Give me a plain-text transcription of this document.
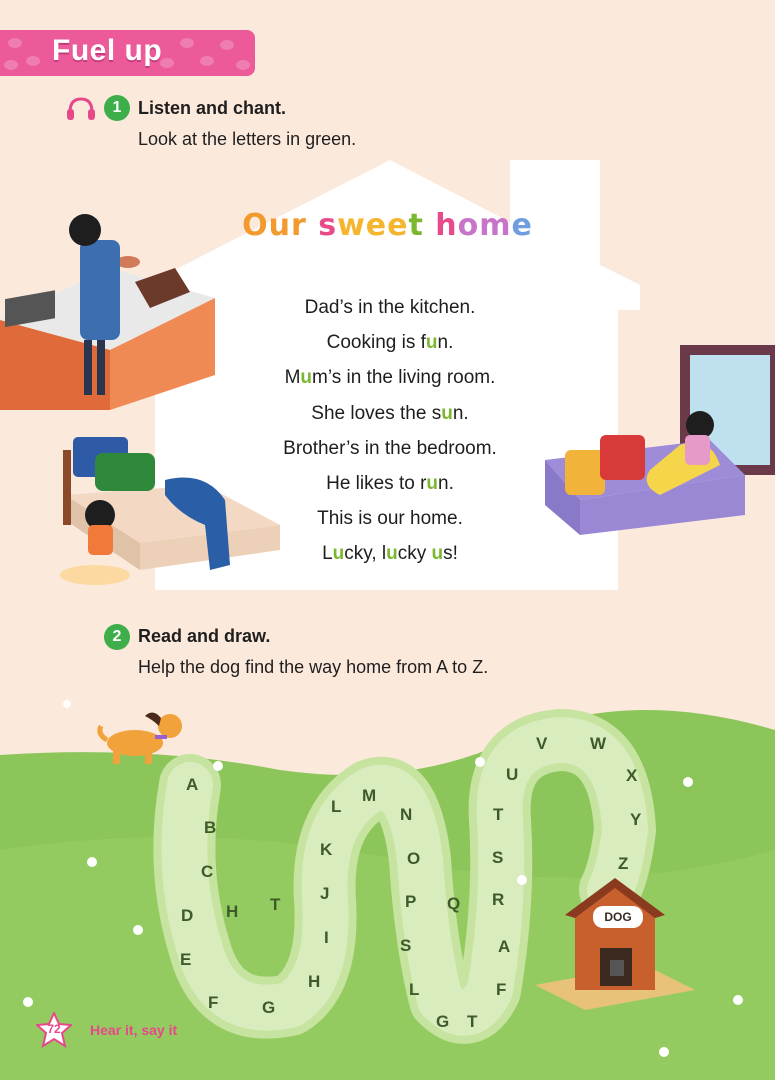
Fuel up
1 Listen and chant.
Look at the letters in green.
Our sweet home
Dad’s in the kitchen.
Cooking is fun.
Mum’s in the living room.
She loves the sun.
Brother’s in the bedroom.
He likes to run.
This is our home.
Lucky, lucky us!
2 Read and draw.
Help the dog find the way home from A to Z.
DOG
A
B
C
D
E
F	G
H
H T
J
I
K
L
M
N
O
P Q
S
L
G T
R
A
F
S
T
U
V	W
X
Y
Z
72	Hear it, say it
